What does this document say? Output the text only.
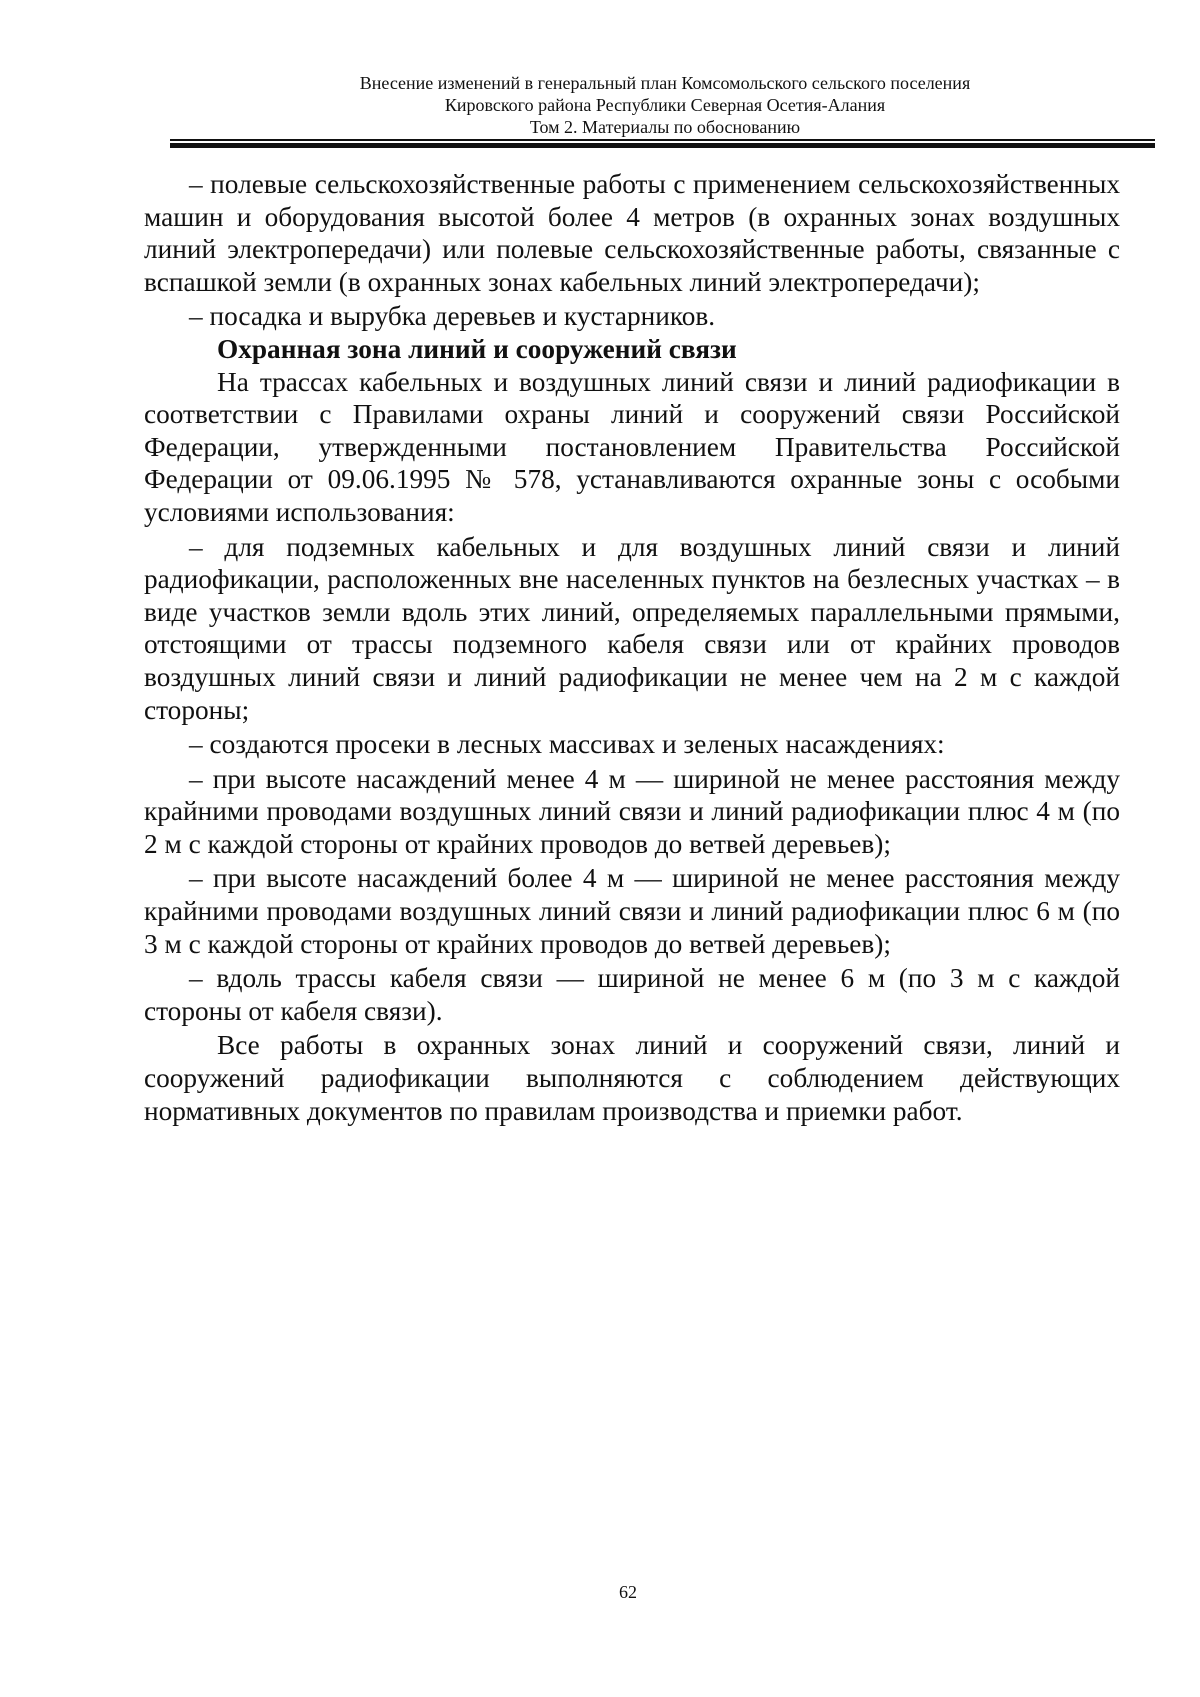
Внесение изменений в генеральный план Комсомольского сельского поселения
Кировского района Республики Северная Осетия-Алания
Том 2. Материалы по обоснованию

– полевые сельскохозяйственные работы с применением сельскохозяйственных машин и оборудования высотой более 4 метров (в охранных зонах воздушных линий электропередачи) или полевые сельскохозяйственные работы, связанные с вспашкой земли (в охранных зонах кабельных линий электропередачи);

– посадка и вырубка деревьев и кустарников.

Охранная зона линий и сооружений связи

На трассах кабельных и воздушных линий связи и линий радиофикации в соответствии с Правилами охраны линий и сооружений связи Российской Федерации, утвержденными постановлением Правительства Российской Федерации от 09.06.1995 № 578, устанавливаются охранные зоны с особыми условиями использования:

– для подземных кабельных и для воздушных линий связи и линий радиофикации, расположенных вне населенных пунктов на безлесных участках – в виде участков земли вдоль этих линий, определяемых параллельными прямыми, отстоящими от трассы подземного кабеля связи или от крайних проводов воздушных линий связи и линий радиофикации не менее чем на 2 м с каждой стороны;

– создаются просеки в лесных массивах и зеленых насаждениях:

– при высоте насаждений менее 4 м — шириной не менее расстояния между крайними проводами воздушных линий связи и линий радиофикации плюс 4 м (по 2 м с каждой стороны от крайних проводов до ветвей деревьев);

– при высоте насаждений более 4 м — шириной не менее расстояния между крайними проводами воздушных линий связи и линий радиофикации плюс 6 м (по 3 м с каждой стороны от крайних проводов до ветвей деревьев);

– вдоль трассы кабеля связи — шириной не менее 6 м (по 3 м с каждой стороны от кабеля связи).

Все работы в охранных зонах линий и сооружений связи, линий и сооружений радиофикации выполняются с соблюдением действующих нормативных документов по правилам производства и приемки работ.

62
